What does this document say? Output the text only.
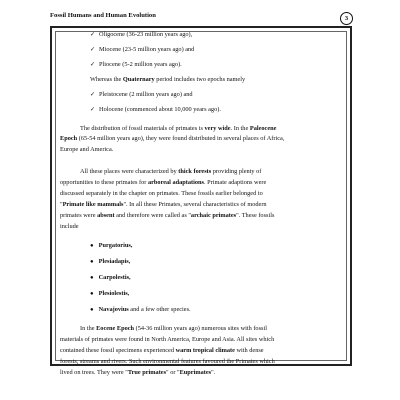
Fossil Humans and Human Evolution	3
✓ Oligocene (36-23 million years ago),
✓ Miocene (23-5 million years ago) and
✓ Pliocene (5-2 million years ago).
Whereas the Quaternary period includes two epochs namely
✓ Pleistocene (2 million years ago) and
✓ Holocene (commenced about 10,000 years ago).
The distribution of fossil materials of primates is very wide. In the Paleocene
Epoch (65-54 million years ago), they were found distributed in several places of Africa,
Europe and America.
All these places were characterized by thick forests providing plenty of
opportunities to these primates for arboreal adaptations. Primate adaptions were
discussed separately in the chapter on primates. These fossils earlier belonged to
"Primate like mammals". In all these Primates, several characteristics of modern
primates were absent and therefore were called as "archaic primates". These fossils
include
● Purgatorius,
● Plesiadapis,
● Carpolestis,
● Plesiolestis,
● Navajovius and a few other species.
In the Eocene Epoch (54-36 million years ago) numerous sites with fossil
materials of primates were found in North America, Europe and Asia. All sites which
contained these fossil specimens experienced warm tropical climate with dense
forests, streams and rivers. Such environmental features favoured the Primates which
lived on trees. They were "True primates" or "Euprimates".
